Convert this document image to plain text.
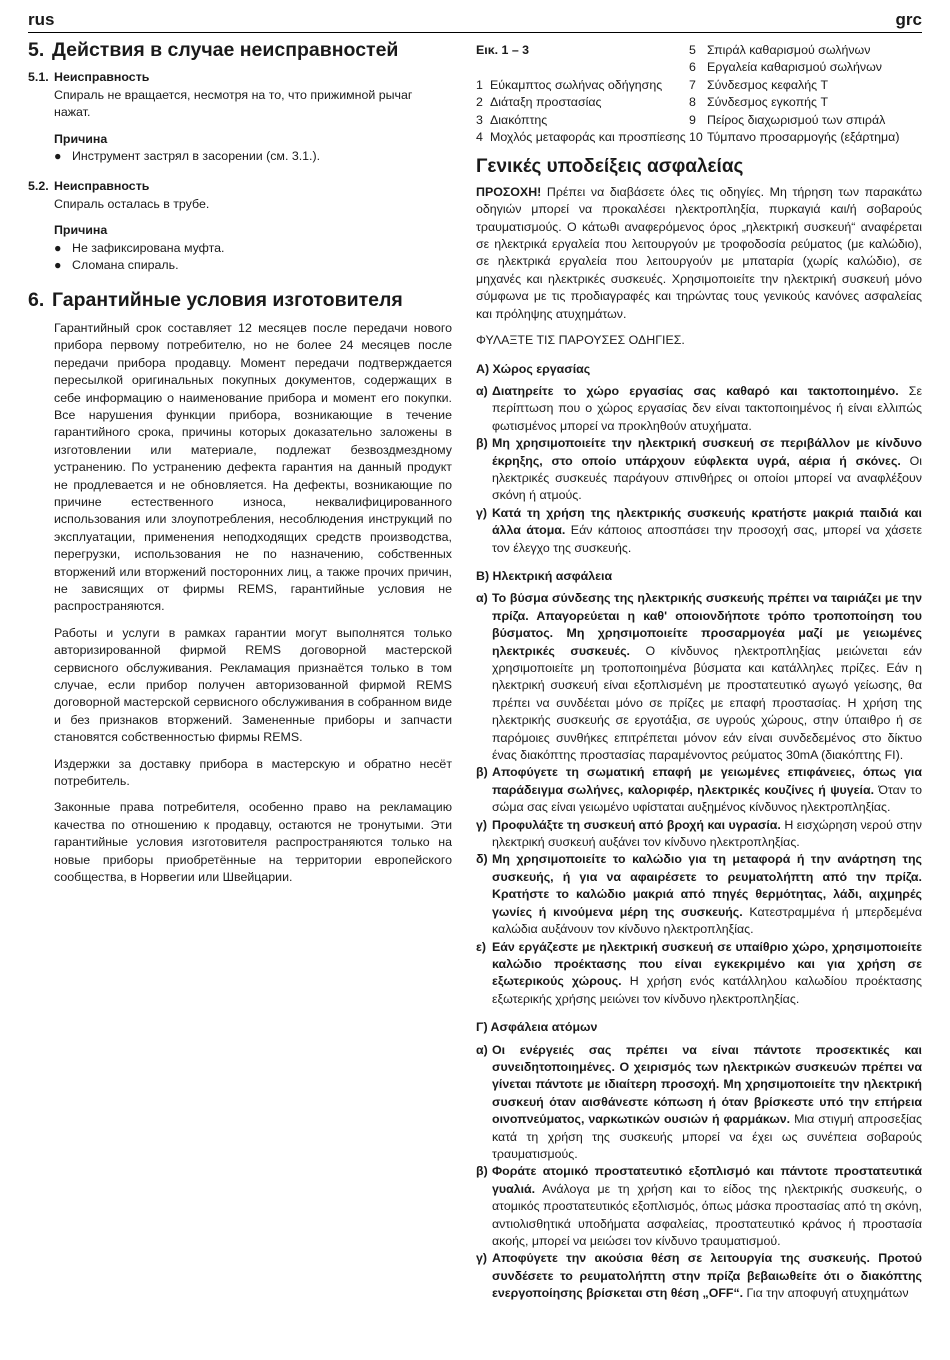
rus	grc
5. Действия в случае неисправностей
5.1. Неисправность
Спираль не вращается, несмотря на то, что прижимной рычаг нажат.
Причина
● Инструмент застрял в засорении (см. 3.1.).
5.2. Неисправность
Спираль осталась в трубе.
Причина
● Не зафиксирована муфта.
● Сломана спираль.
6. Гарантийные условия изготовителя

Гарантийный срок составляет 12 месяцев после передачи нового прибора первому потребителю, но не более 24 месяцев после передачи прибора продавцу. Момент передачи подтверждается пересылкой оригинальных покупных документов, содержащих в себе информацию о наименование прибора и момент его покупки. Все нарушения функции прибора, возникающие в течение гарантийного срока, причины которых доказательно заложены в изготовлении или материале, подлежат безвоздмездному устранению. По устранению дефекта гарантия на данный продукт не продлевается и не обновляется. На дефекты, возникающие по причине естественного износа, неквалифицированного использования или злоупотребления, несоблюдения инструкций по эксплуатации, применения неподходящих средств производства, перегрузки, использования не по назначению, собственных вторжений или вторжений посторонних лиц, а также прочих причин, не зависящих от фирмы REMS, гарантийные условия не распространяются.

Работы и услуги в рамках гарантии могут выполнятся только авторизированной фирмой REMS договорной мастерской сервисного обслуживания. Рекламация признаётся только в том случае, если прибор получен авторизованной фирмой REMS договорной мастерской сервисного обслуживания в собранном виде и без признаков вторжений. Замененные приборы и запчасти становятся собственностью фирмы REMS.

Издержки за доставку прибора в мастерскую и обратно несёт потребитель.

Законные права потребителя, особенно право на рекламацию качества по отношению к продавцу, остаются не тронутыми. Эти гарантийные условия изготовителя распространяются только на новые приборы приобретённые на территории европейского сообщества, в Норвегии или Швейцарии.

Εικ. 1 – 3
1 Εύκαμπτος σωλήνας οδήγησης
2 Διάταξη προστασίας
3 Διακόπτης
4 Μοχλός μεταφοράς και προσπίεσης
5 Σπιράλ καθαρισμού σωλήνων
6 Εργαλεία καθαρισμού σωλήνων
7 Σύνδεσμος κεφαλής T
8 Σύνδεσμος εγκοπής T
9 Πείρος διαχωρισμού των σπιράλ
10 Τύμπανο προσαρμογής (εξάρτημα)
Γενικές υποδείξεις ασφαλείας

ΠΡΟΣΟΧΗ! Πρέπει να διαβάσετε όλες τις οδηγίες. Μη τήρηση των παρακάτω οδηγιών μπορεί να προκαλέσει ηλεκτροπληξία, πυρκαγιά και/ή σοβαρούς τραυματισμούς. Ο κάτωθι αναφερόμενος όρος „ηλεκτρική συσκευή“ αναφέρεται σε ηλεκτρικά εργαλεία που λειτουργούν με τροφοδοσία ρεύματος (με καλώδιο), σε ηλεκτρικά εργαλεία που λειτουργούν με μπαταρία (χωρίς καλώδιο), σε μηχανές και ηλεκτρικές συσκευές. Χρησιμοποιείτε την ηλεκτρική συσκευή μόνο σύμφωνα με τις προδιαγραφές και τηρώντας τους γενικούς κανόνες ασφαλείας και πρόληψης ατυχημάτων.

ΦΥΛΑΞΤΕ ΤΙΣ ΠΑΡΟΥΣΕΣ ΟΔΗΓΙΕΣ.
A) Χώρος εργασίας
α) Διατηρείτε το χώρο εργασίας σας καθαρό και τακτοποιημένο. Σε περίπτωση που ο χώρος εργασίας δεν είναι τακτοποιημένος ή είναι ελλιπώς φωτισμένος μπορεί να προκληθούν ατυχήματα.
β) Μη χρησιμοποιείτε την ηλεκτρική συσκευή σε περιβάλλον με κίνδυνο έκρηξης, στο οποίο υπάρχουν εύφλεκτα υγρά, αέρια ή σκόνες. Οι ηλεκτρικές συσκευές παράγουν σπινθήρες οι οποίοι μπορεί να αναφλέξουν σκόνη ή ατμούς.
γ) Κατά τη χρήση της ηλεκτρικής συσκευής κρατήστε μακριά παιδιά και άλλα άτομα. Εάν κάποιος αποσπάσει την προσοχή σας, μπορεί να χάσετε τον έλεγχο της συσκευής.
B) Ηλεκτρική ασφάλεια
α) Το βύσμα σύνδεσης της ηλεκτρικής συσκευής πρέπει να ταιριάζει με την πρίζα. Απαγορεύεται η καθ' οποιονδήποτε τρόπο τροποποίηση του βύσματος. Μη χρησιμοποιείτε προσαρμογέα μαζί με γειωμένες ηλεκτρικές συσκευές. Ο κίνδυνος ηλεκτροπληξίας μειώνεται εάν χρησιμοποιείτε μη τροποποιημένα βύσματα και κατάλληλες πρίζες. Εάν η ηλεκτρική συσκευή είναι εξοπλισμένη με προστατευτικό αγωγό γείωσης, θα πρέπει να συνδέεται μόνο σε πρίζες με επαφή προστασίας. Η χρήση της ηλεκτρικής συσκευής σε εργοτάξια, σε υγρούς χώρους, στην ύπαιθρο ή σε παρόμοιες συνθήκες επιτρέπεται μόνον εάν είναι συνδεδεμένος στο δίκτυο ένας διακόπτης προστασίας παραμένοντος ρεύματος 30mA (διακόπτης FI).
β) Αποφύγετε τη σωματική επαφή με γειωμένες επιφάνειες, όπως για παράδειγμα σωλήνες, καλοριφέρ, ηλεκτρικές κουζίνες ή ψυγεία. Όταν το σώμα σας είναι γειωμένο υφίσταται αυξημένος κίνδυνος ηλεκτροπληξίας.
γ) Προφυλάξτε τη συσκευή από βροχή και υγρασία. Η εισχώρηση νερού στην ηλεκτρική συσκευή αυξάνει τον κίνδυνο ηλεκτροπληξίας.
δ) Μη χρησιμοποιείτε το καλώδιο για τη μεταφορά ή την ανάρτηση της συσκευής, ή για να αφαιρέσετε το ρευματολήπτη από την πρίζα. Κρατήστε το καλώδιο μακριά από πηγές θερμότητας, λάδι, αιχμηρές γωνίες ή κινούμενα μέρη της συσκευής. Κατεστραμμένα ή μπερδεμένα καλώδια αυξάνουν τον κίνδυνο ηλεκτροπληξίας.
ε) Εάν εργάζεστε με ηλεκτρική συσκευή σε υπαίθριο χώρο, χρησιμοποιείτε καλώδιο προέκτασης που είναι εγκεκριμένο και για χρήση σε εξωτερικούς χώρους. Η χρήση ενός κατάλληλου καλωδίου προέκτασης εξωτερικής χρήσης μειώνει τον κίνδυνο ηλεκτροπληξίας.
Γ) Ασφάλεια ατόμων
α) Οι ενέργειές σας πρέπει να είναι πάντοτε προσεκτικές και συνειδητοποιημένες. Ο χειρισμός των ηλεκτρικών συσκευών πρέπει να γίνεται πάντοτε με ιδιαίτερη προσοχή. Μη χρησιμοποιείτε την ηλεκτρική συσκευή όταν αισθάνεστε κόπωση ή όταν βρίσκεστε υπό την επήρεια οινοπνεύματος, ναρκωτικών ουσιών ή φαρμάκων. Μια στιγμή απροσεξίας κατά τη χρήση της συσκευής μπορεί να έχει ως συνέπεια σοβαρούς τραυματισμούς.
β) Φοράτε ατομικό προστατευτικό εξοπλισμό και πάντοτε προστατευτικά γυαλιά. Ανάλογα με τη χρήση και το είδος της ηλεκτρικής συσκευής, ο ατομικός προστατευτικός εξοπλισμός, όπως μάσκα προστασίας από τη σκόνη, αντιολισθητικά υποδήματα ασφαλείας, προστατευτικό κράνος ή προστασία ακοής, μπορεί να μειώσει τον κίνδυνο τραυματισμού.
γ) Αποφύγετε την ακούσια θέση σε λειτουργία της συσκευής. Προτού συνδέσετε το ρευματολήπτη στην πρίζα βεβαιωθείτε ότι ο διακόπτης ενεργοποίησης βρίσκεται στη θέση „OFF“. Για την αποφυγή ατυχημάτων
